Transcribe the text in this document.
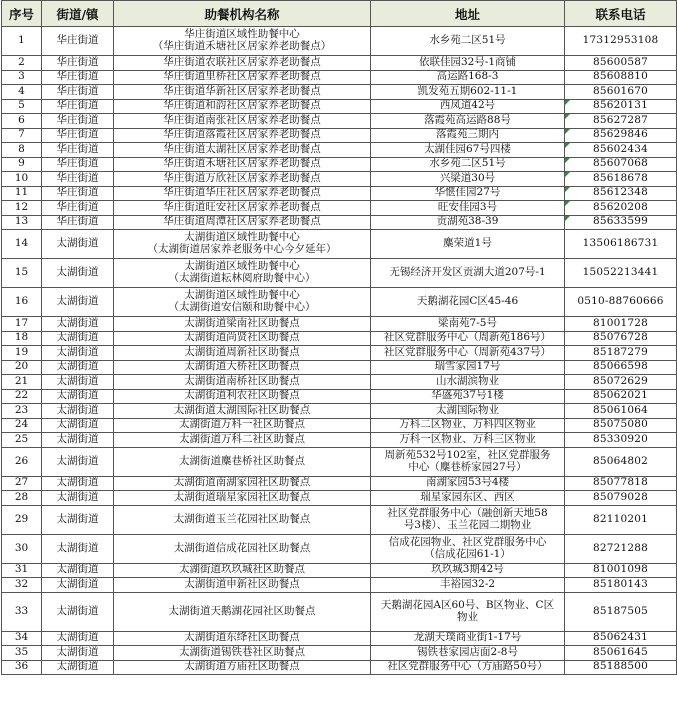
序号	街道/镇	助餐机构名称	地址	联系电话
1	华庄街道	华庄街道区域性助餐中心
（华庄街道禾塘社区居家养老助餐点）	水乡苑二区51号	17312953108
2	华庄街道	华庄街道农联社区居家养老助餐点	依联佳园32号-1商铺	85600587
3	华庄街道	华庄街道里桥社区居家养老助餐点	高运路168-3	85608810
4	华庄街道	华庄街道华新社区居家养老助餐点	凯发苑五期602-11-1	85601670
5	华庄街道	华庄街道和韵社区居家养老助餐点	西凤道42号	85620131
6	华庄街道	华庄街道南张社区居家养老助餐点	落霞苑高运路88号	85627287
7	华庄街道	华庄街道落霞社区居家养老助餐点	落霞苑三期内	85629846
8	华庄街道	华庄街道太湖社区居家养老助餐点	太湖佳园67号四楼	85602434
9	华庄街道	华庄街道禾塘社区居家养老助餐点	水乡苑二区51号	85607068
10	华庄街道	华庄街道万欣社区居家养老助餐点	兴梁道30号	85618678
11	华庄街道	华庄街道华庄社区居家养老助餐点	华惬佳园27号	85612348
12	华庄街道	华庄街道旺安社区居家养老助餐点	旺安佳园3号	85620208
13	华庄街道	华庄街道周潭社区居家养老助餐点	贡湖苑38-39	85633599
14	太湖街道	太湖街道区域性助餐中心
（太湖街道居家养老服务中心今夕延年）	麋荣道1号	13506186731
15	太湖街道	太湖街道区域性助餐中心
（太湖街道耘林阅府助餐中心）	无锡经济开发区贡湖大道207号-1	15052213441
16	太湖街道	太湖街道区域性助餐中心
（太湖街道安信颐和助餐中心）	天鹅湖花园C区45-46	0510-88760666
17	太湖街道	太湖街道梁南社区助餐点	梁南苑7-5号	81001728
18	太湖街道	太湖街道尚贤社区助餐点	社区党群服务中心（周新苑186号）	85076728
19	太湖街道	太湖街道周新社区助餐点	社区党群服务中心（周新苑437号）	85187279
20	太湖街道	太湖街道大桥社区助餐点	瑞雪家园17号	85066598
21	太湖街道	太湖街道南桥社区助餐点	山水湖滨物业	85072629
22	太湖街道	太湖街道利农社区助餐点	华盛苑37号1楼	85062021
23	太湖街道	太湖街道太湖国际社区助餐点	太湖国际物业	85061064
24	太湖街道	太湖街道万科一社区助餐点	万科二区物业、万科四区物业	85075080
25	太湖街道	太湖街道万科二社区助餐点	万科一区物业、万科三区物业	85330920
26	太湖街道	太湖街道麋巷桥社区助餐点	周新苑532号102室，社区党群服务
中心（麋巷桥家园27号）	85064802
27	太湖街道	太湖街道南湖家园社区助餐点	南湖家园53号4楼	85077818
28	太湖街道	太湖街道瑞星家园社区助餐点	瑞星家园东区、西区	85079028
29	太湖街道	太湖街道玉兰花园社区助餐点	社区党群服务中心（融创新天地58
号3楼）、玉兰花园二期物业	82110201
30	太湖街道	太湖街道信成花园社区助餐点	信成花园物业、社区党群服务中心
（信成花园61-1）	82721288
31	太湖街道	太湖街道玖玖城社区助餐点	玖玖城3期42号	81001098
32	太湖街道	太湖街道申新社区助餐点	丰裕园32-2	85180143
33	太湖街道	太湖街道天鹅湖花园社区助餐点	天鹅湖花园A区60号、B区物业、C区
物业	85187505
34	太湖街道	太湖街道东绛社区助餐点	龙湖天璞商业街1-17号	85062431
35	太湖街道	太湖街道锡铁巷社区助餐点	锡铁巷家园店面2-8号	85061645
36	太湖街道	太湖街道方庙社区助餐点	社区党群服务中心（方庙路50号）	85188500
